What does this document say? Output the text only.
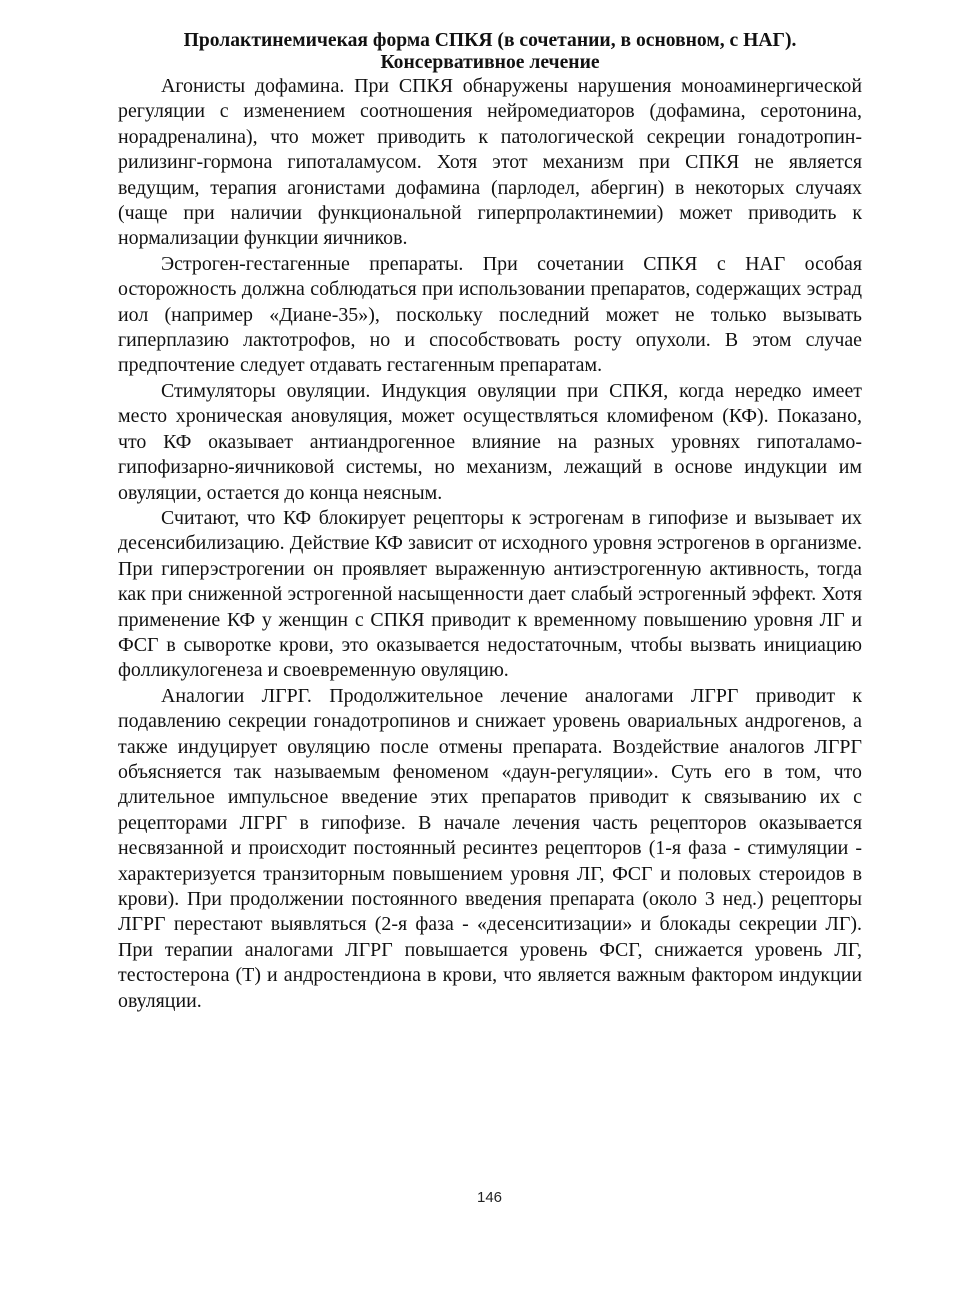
Пролактинемичекая форма СПКЯ (в сочетании, в основном, с НАГ).
Консервативное лечение

Агонисты дофамина. При СПКЯ обнаружены нарушения моноаминергической регуляции с изменением соотношения нейромедиаторов (дофамина, серотонина, норадреналина), что может приводить к патологической секреции гонадотропин-рилизинг-гормона гипоталамусом. Хотя этот механизм при СПКЯ не является ведущим, терапия агонистами дофамина (парлодел, абергин) в некоторых случаях (чаще при наличии функциональной гиперпролактинемии) может приводить к нормализации функции яичников.

Эстроген-гестагенные препараты. При сочетании СПКЯ с НАГ особая осторожность должна соблюдаться при использовании препаратов, содержащих эстрад иол (например «Диане-35»), поскольку последний может не только вызывать гиперплазию лактотрофов, но и способствовать росту опухоли. В этом случае предпочтение следует отдавать гестагенным препаратам.

Стимуляторы овуляции. Индукция овуляции при СПКЯ, когда нередко имеет место хроническая ановуляция, может осуществляться кломифеном (КФ). Показано, что КФ оказывает антиандрогенное влияние на разных уровнях гипоталамо-гипофизарно-яичниковой системы, но механизм, лежащий в основе индукции им овуляции, остается до конца неясным.

Считают, что КФ блокирует рецепторы к эстрогенам в гипофизе и вызывает их десенсибилизацию. Действие КФ зависит от исходного уровня эстрогенов в организме. При гиперэстрогении он проявляет выраженную антиэстрогенную активность, тогда как при сниженной эстрогенной насыщенности дает слабый эстрогенный эффект. Хотя применение КФ у женщин с СПКЯ приводит к временному повышению уровня ЛГ и ФСГ в сыворотке крови, это оказывается недостаточным, чтобы вызвать инициацию фолликулогенеза и своевременную овуляцию.

Аналогии ЛГРГ. Продолжительное лечение аналогами ЛГРГ приводит к подавлению секреции гонадотропинов и снижает уровень овариальных андрогенов, а также индуцирует овуляцию после отмены препарата. Воздействие аналогов ЛГРГ объясняется так называемым феноменом «даун-регуляции». Суть его в том, что длительное импульсное введение этих препаратов приводит к связыванию их с рецепторами ЛГРГ в гипофизе. В начале лечения часть рецепторов оказывается несвязанной и происходит постоянный ресинтез рецепторов (1-я фаза - стимуляции - характеризуется транзиторным повышением уровня ЛГ, ФСГ и половых стероидов в крови). При продолжении постоянного введения препарата (около 3 нед.) рецепторы ЛГРГ перестают выявляться (2-я фаза - «десенситизации» и блокады секреции ЛГ). При терапии аналогами ЛГРГ повышается уровень ФСГ, снижается уровень ЛГ, тестостерона (Т) и андростендиона в крови, что является важным фактором индукции овуляции.

146
